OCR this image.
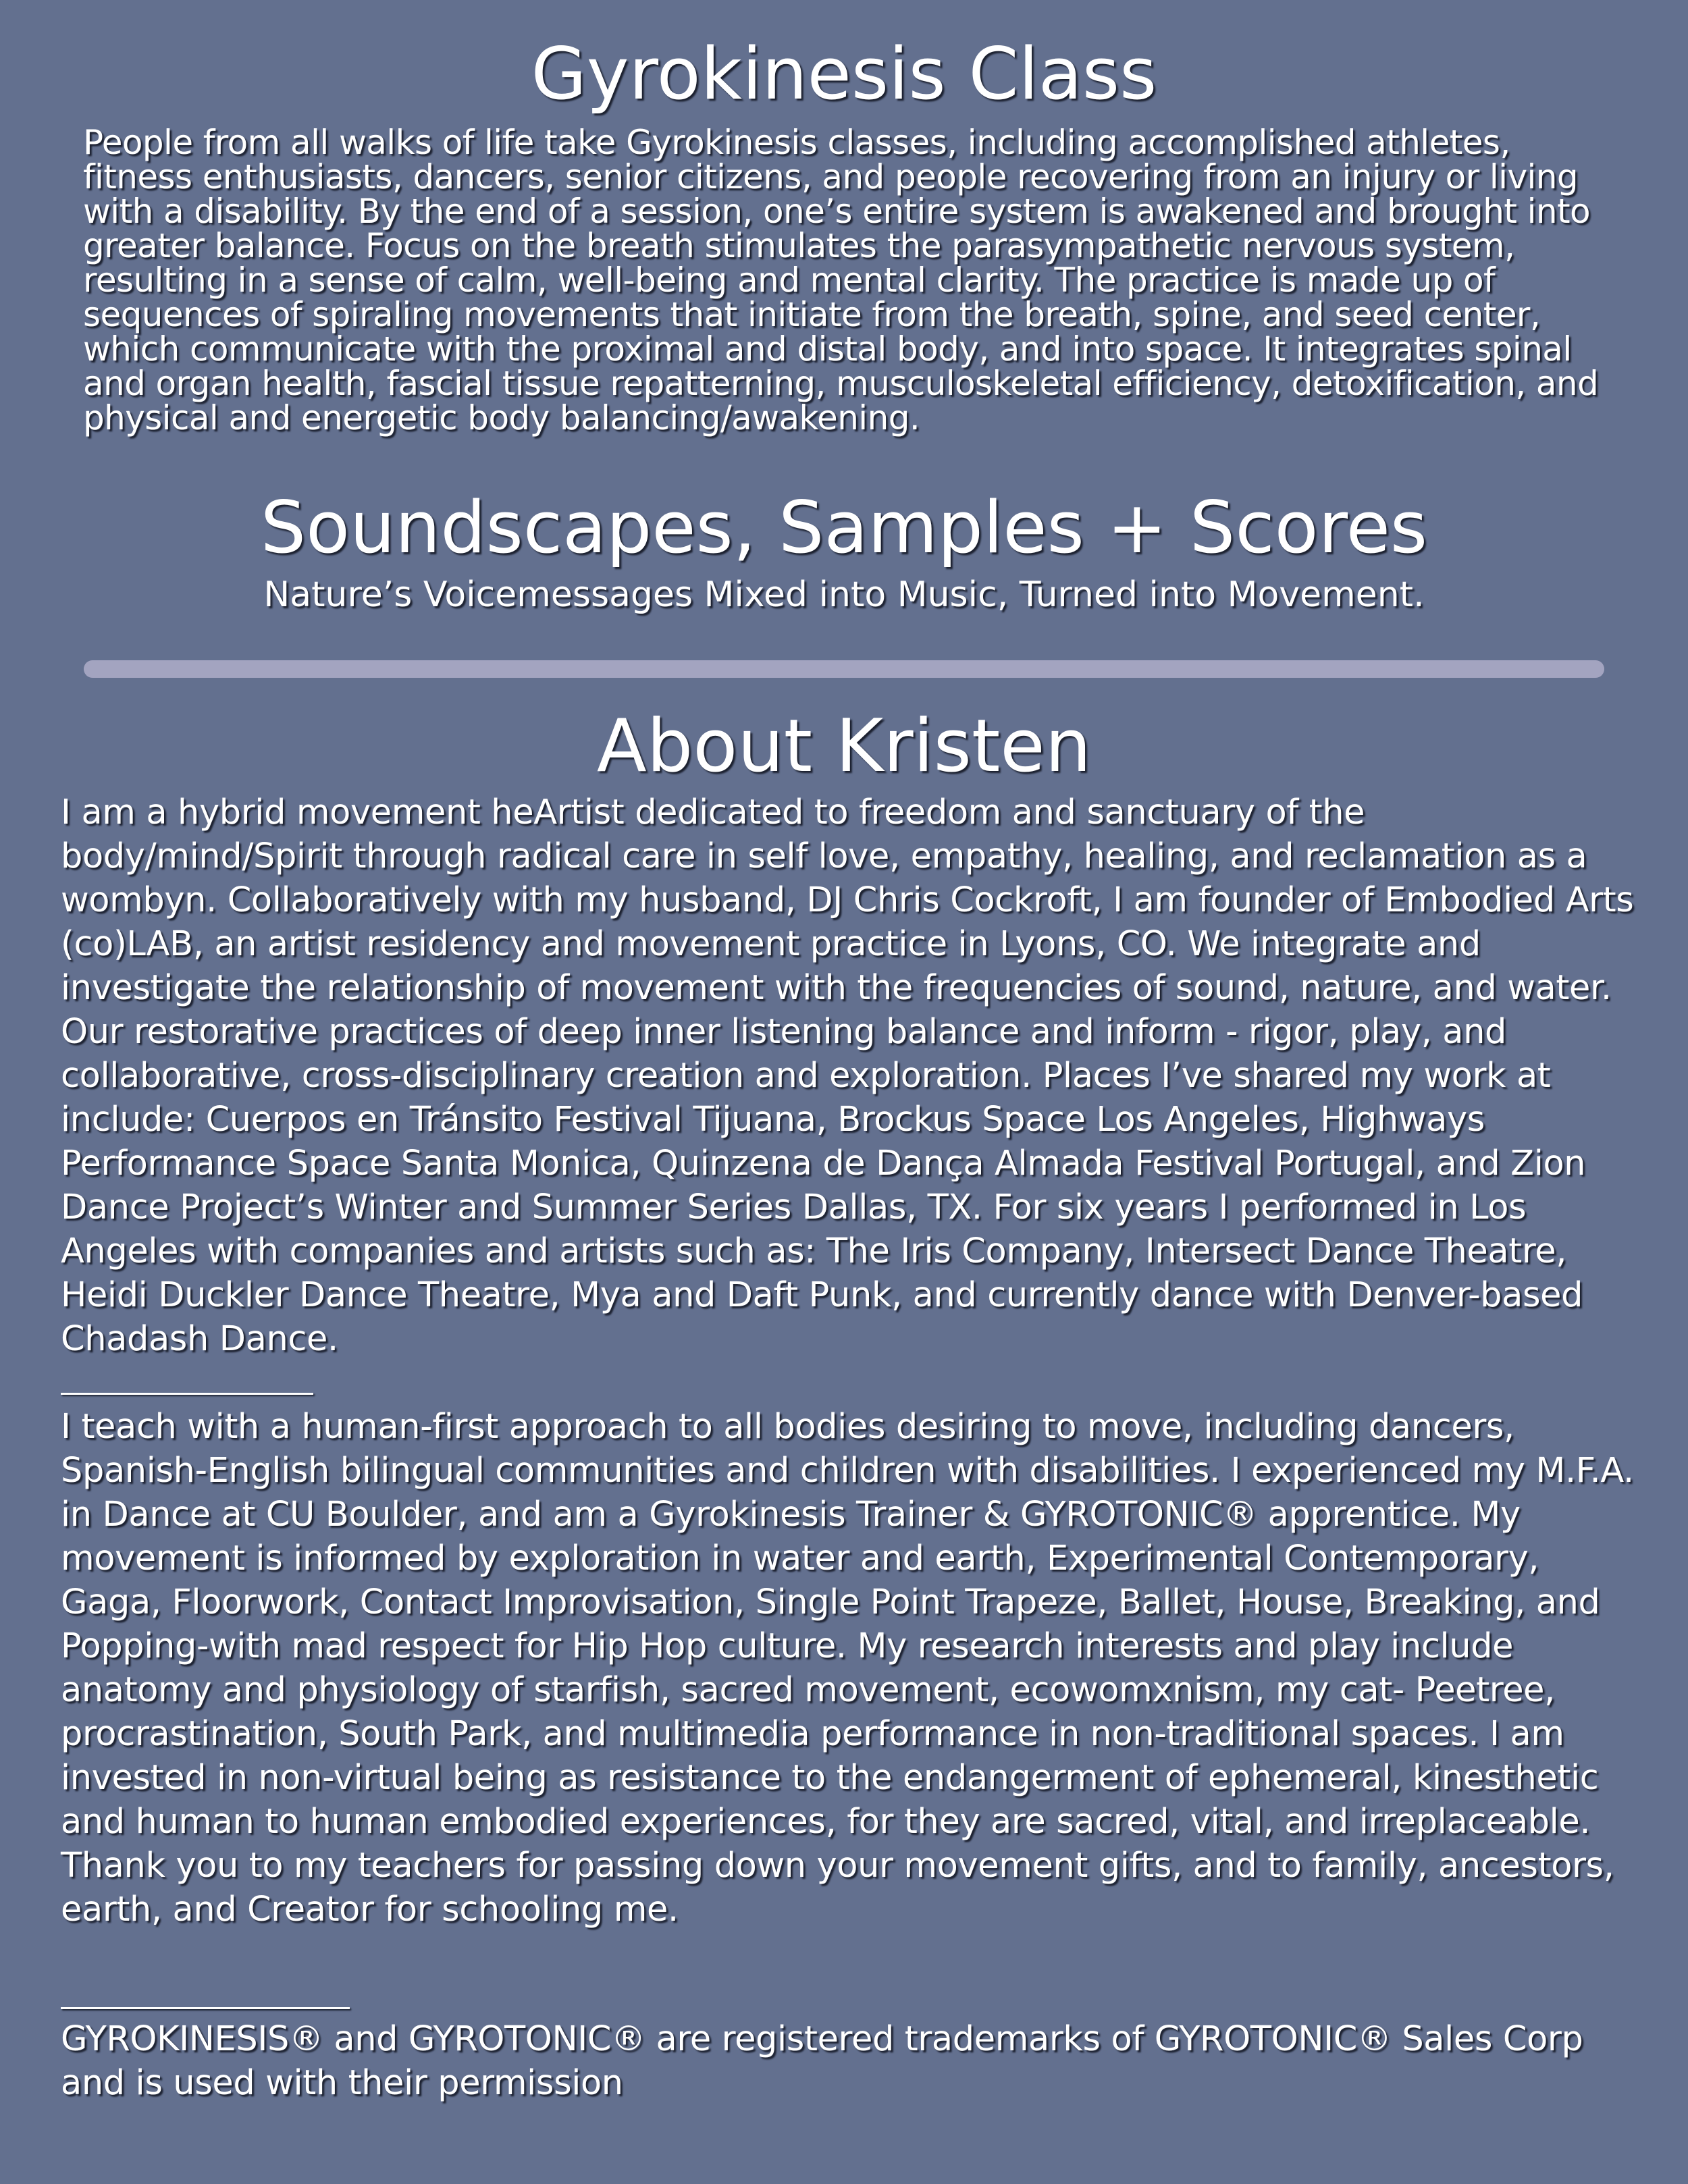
Gyrokinesis Class

People from all walks of life take Gyrokinesis classes, including accomplished athletes, fitness enthusiasts, dancers, senior citizens, and people recovering from an injury or living with a disability. By the end of a session, one’s entire system is awakened and brought into greater balance. Focus on the breath stimulates the parasympathetic nervous system, resulting in a sense of calm, well-being and mental clarity. The practice is made up of sequences of spiraling movements that initiate from the breath, spine, and seed center, which communicate with the proximal and distal body, and into space. It integrates spinal and organ health, fascial tissue repatterning, musculoskeletal efficiency, detoxification, and physical and energetic body balancing/awakening.

Soundscapes, Samples + Scores
Nature’s Voicemessages Mixed into Music, Turned into Movement.
About Kristen

I am a hybrid movement heArtist dedicated to freedom and sanctuary of the body/mind/Spirit through radical care in self love, empathy, healing, and reclamation as a wombyn. Collaboratively with my husband, DJ Chris Cockroft, I am founder of Embodied Arts (co)LAB, an artist residency and movement practice in Lyons, CO. We integrate and investigate the relationship of movement with the frequencies of sound, nature, and water. Our restorative practices of deep inner listening balance and inform - rigor, play, and collaborative, cross-disciplinary creation and exploration. Places I’ve shared my work at include: Cuerpos en Tránsito Festival Tijuana, Brockus Space Los Angeles, Highways Performance Space Santa Monica, Quinzena de Dança Almada Festival Portugal, and Zion Dance Project’s Winter and Summer Series Dallas, TX. For six years I performed in Los Angeles with companies and artists such as: The Iris Company, Intersect Dance Theatre, Heidi Duckler Dance Theatre, Mya and Daft Punk, and currently dance with Denver-based Chadash Dance.

I teach with a human-first approach to all bodies desiring to move, including dancers, Spanish-English bilingual communities and children with disabilities. I experienced my M.F.A. in Dance at CU Boulder, and am a Gyrokinesis Trainer & GYROTONIC® apprentice. My movement is informed by exploration in water and earth, Experimental Contemporary, Gaga, Floorwork, Contact Improvisation, Single Point Trapeze, Ballet, House, Breaking, and Popping-with mad respect for Hip Hop culture. My research interests and play include anatomy and physiology of starfish, sacred movement, ecowomxnism, my cat- Peetree, procrastination, South Park, and multimedia performance in non-traditional spaces. I am invested in non-virtual being as resistance to the endangerment of ephemeral, kinesthetic and human to human embodied experiences, for they are sacred, vital, and irreplaceable. Thank you to my teachers for passing down your movement gifts, and to family, ancestors, earth, and Creator for schooling me.

GYROKINESIS® and GYROTONIC® are registered trademarks of GYROTONIC® Sales Corp and is used with their permission
